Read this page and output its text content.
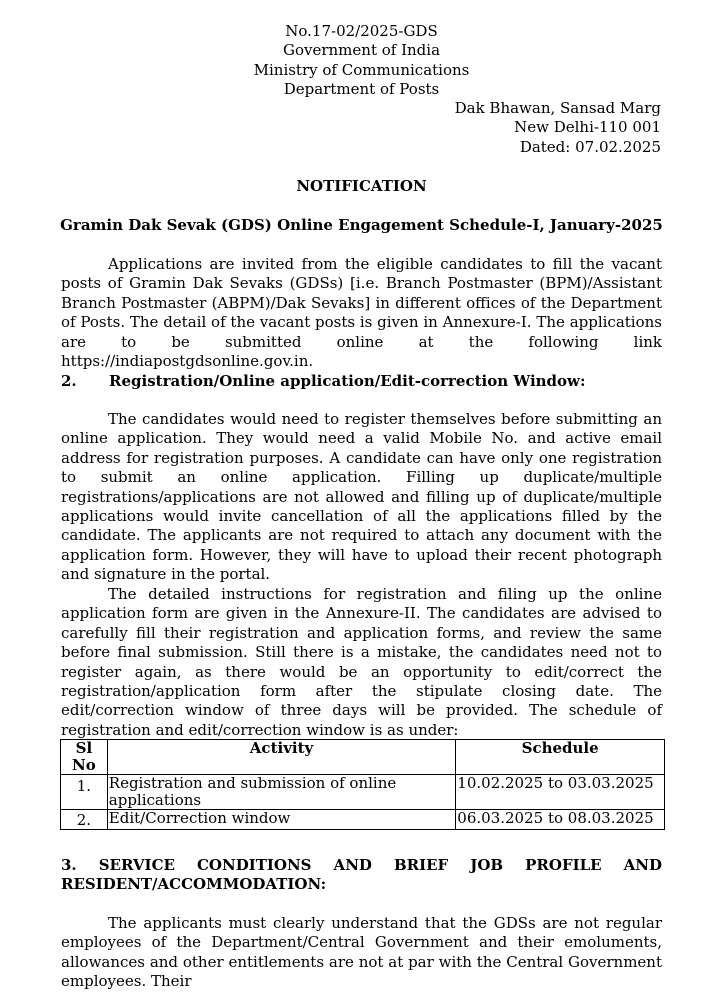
No.17-02/2025-GDS
Government of India
Ministry of Communications
Department of Posts
Dak Bhawan, Sansad Marg
New Delhi-110 001
Dated: 07.02.2025
NOTIFICATION
Gramin Dak Sevak (GDS) Online Engagement Schedule-I, January-2025

Applications are invited from the eligible candidates to fill the vacant posts of Gramin Dak Sevaks (GDSs) [i.e. Branch Postmaster (BPM)/Assistant Branch Postmaster (ABPM)/Dak Sevaks] in different offices of the Department of Posts. The detail of the vacant posts is given in Annexure-I. The applications are to be submitted online at the following link https://indiapostgdsonline.gov.in.

2. Registration/Online application/Edit-correction Window:

The candidates would need to register themselves before submitting an online application. They would need a valid Mobile No. and active email address for registration purposes. A candidate can have only one registration to submit an online application. Filling up duplicate/multiple registrations/applications are not allowed and filling up of duplicate/multiple applications would invite cancellation of all the applications filled by the candidate. The applicants are not required to attach any document with the application form. However, they will have to upload their recent photograph and signature in the portal.

The detailed instructions for registration and filing up the online application form are given in the Annexure-II. The candidates are advised to carefully fill their registration and application forms, and review the same before final submission. Still there is a mistake, the candidates need not to register again, as there would be an opportunity to edit/correct the registration/application form after the stipulate closing date. The edit/correction window of three days will be provided. The schedule of registration and edit/correction window is as under:

Sl No	Activity	Schedule
1.	Registration and submission of online applications	10.02.2025 to 03.03.2025
2.	Edit/Correction window	06.03.2025 to 08.03.2025
3. SERVICE CONDITIONS AND BRIEF JOB PROFILE AND RESIDENT/ACCOMMODATION:

The applicants must clearly understand that the GDSs are not regular employees of the Department/Central Government and their emoluments, allowances and other entitlements are not at par with the Central Government employees. Their
